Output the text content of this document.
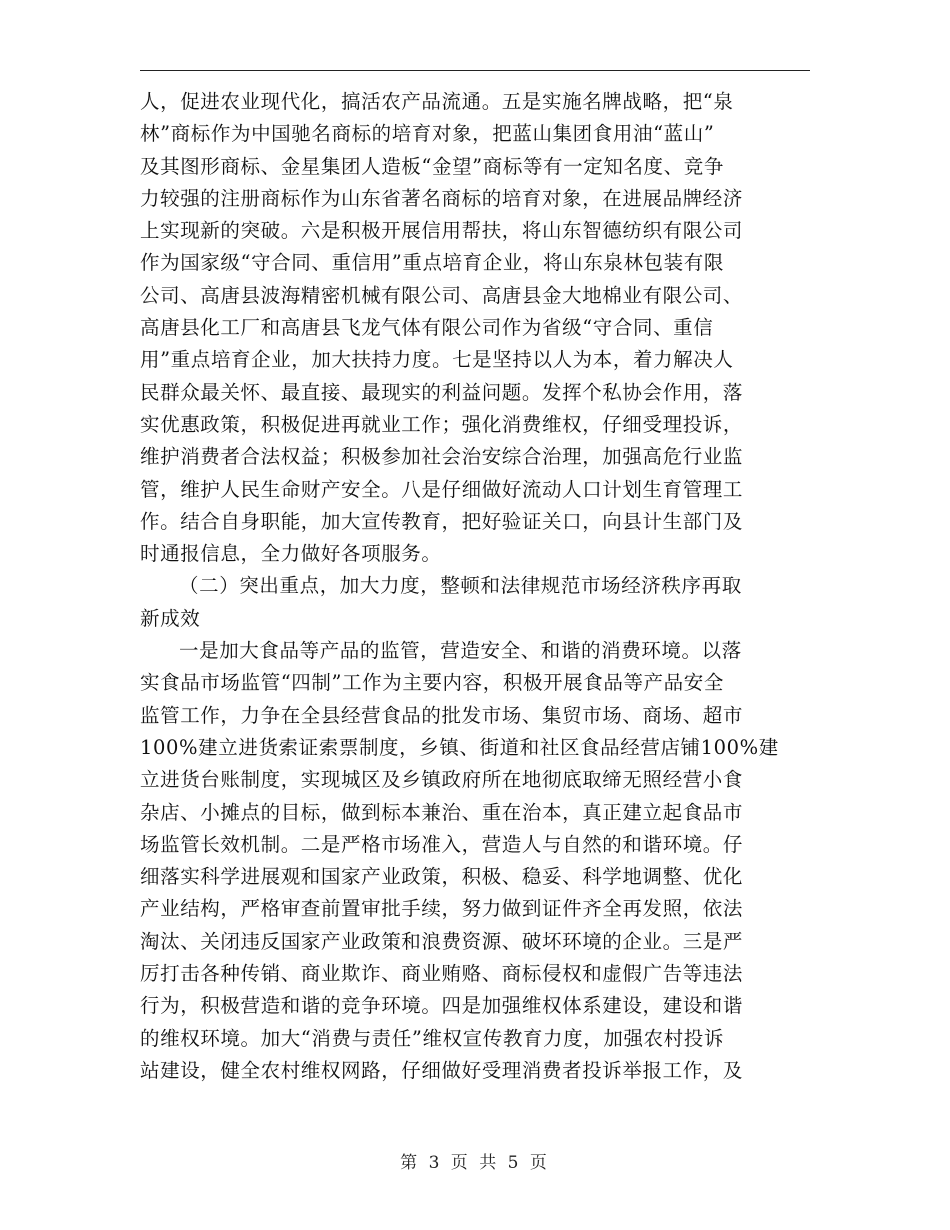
人，促进农业现代化，搞活农产品流通。五是实施名牌战略，把“泉
林”商标作为中国驰名商标的培育对象，把蓝山集团食用油“蓝山”
及其图形商标、金星集团人造板“金望”商标等有一定知名度、竞争
力较强的注册商标作为山东省著名商标的培育对象，在进展品牌经济
上实现新的突破。六是积极开展信用帮扶，将山东智德纺织有限公司
作为国家级“守合同、重信用”重点培育企业，将山东泉林包装有限
公司、高唐县波海精密机械有限公司、高唐县金大地棉业有限公司、
高唐县化工厂和高唐县飞龙气体有限公司作为省级“守合同、重信
用”重点培育企业，加大扶持力度。七是坚持以人为本，着力解决人
民群众最关怀、最直接、最现实的利益问题。发挥个私协会作用，落
实优惠政策，积极促进再就业工作；强化消费维权，仔细受理投诉，
维护消费者合法权益；积极参加社会治安综合治理，加强高危行业监
管，维护人民生命财产安全。八是仔细做好流动人口计划生育管理工
作。结合自身职能，加大宣传教育，把好验证关口，向县计生部门及
时通报信息，全力做好各项服务。
（二）突出重点，加大力度，整顿和法律规范市场经济秩序再取
新成效
一是加大食品等产品的监管，营造安全、和谐的消费环境。以落
实食品市场监管“四制”工作为主要内容，积极开展食品等产品安全
监管工作，力争在全县经营食品的批发市场、集贸市场、商场、超市
100%建立进货索证索票制度，乡镇、街道和社区食品经营店铺100%建
立进货台账制度，实现城区及乡镇政府所在地彻底取缔无照经营小食
杂店、小摊点的目标，做到标本兼治、重在治本，真正建立起食品市
场监管长效机制。二是严格市场准入，营造人与自然的和谐环境。仔
细落实科学进展观和国家产业政策，积极、稳妥、科学地调整、优化
产业结构，严格审查前置审批手续，努力做到证件齐全再发照，依法
淘汰、关闭违反国家产业政策和浪费资源、破坏环境的企业。三是严
厉打击各种传销、商业欺诈、商业贿赂、商标侵权和虚假广告等违法
行为，积极营造和谐的竞争环境。四是加强维权体系建设，建设和谐
的维权环境。加大“消费与责任”维权宣传教育力度，加强农村投诉
站建设，健全农村维权网路，仔细做好受理消费者投诉举报工作，及
第 3 页 共 5 页
